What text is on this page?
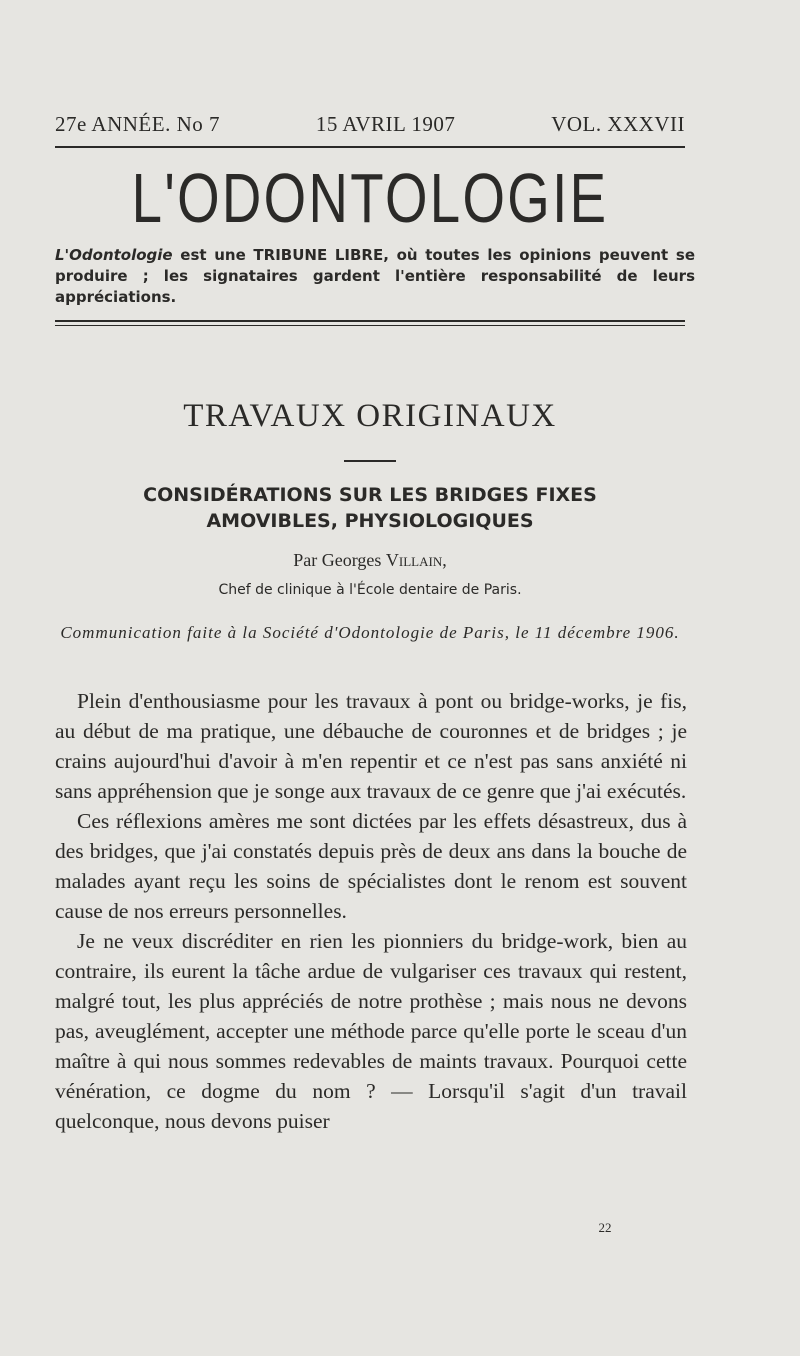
27e ANNÉE. No 7	15 AVRIL 1907	VOL. XXXVII
L'ODONTOLOGIE
L'Odontologie est une TRIBUNE LIBRE, où toutes les opinions peuvent se produire ; les signataires gardent l'entière responsabilité de leurs appréciations.
TRAVAUX ORIGINAUX
CONSIDÉRATIONS SUR LES BRIDGES FIXES
AMOVIBLES, PHYSIOLOGIQUES
Par Georges Villain,
Chef de clinique à l'École dentaire de Paris.
Communication faite à la Société d'Odontologie de Paris, le 11 décembre 1906.

Plein d'enthousiasme pour les travaux à pont ou bridge-works, je fis, au début de ma pratique, une débauche de couronnes et de bridges ; je crains aujourd'hui d'avoir à m'en repentir et ce n'est pas sans anxiété ni sans appréhension que je songe aux travaux de ce genre que j'ai exécutés.

Ces réflexions amères me sont dictées par les effets désastreux, dus à des bridges, que j'ai constatés depuis près de deux ans dans la bouche de malades ayant reçu les soins de spécialistes dont le renom est souvent cause de nos erreurs personnelles.

Je ne veux discréditer en rien les pionniers du bridge-work, bien au contraire, ils eurent la tâche ardue de vulgariser ces travaux qui restent, malgré tout, les plus appréciés de notre prothèse ; mais nous ne devons pas, aveuglément, accepter une méthode parce qu'elle porte le sceau d'un maître à qui nous sommes redevables de maints travaux. Pourquoi cette vénération, ce dogme du nom ? — Lorsqu'il s'agit d'un travail quelconque, nous devons puiser

22
